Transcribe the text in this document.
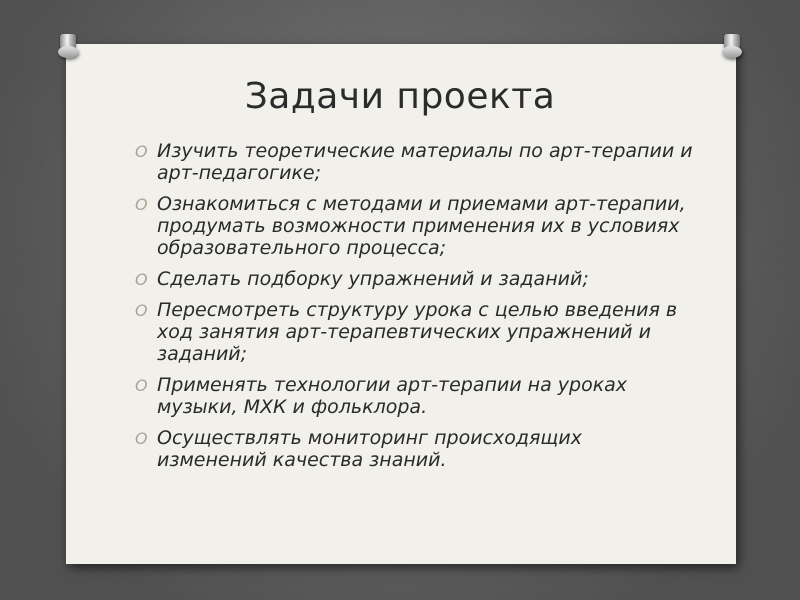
Задачи проекта
O Изучить теоретические материалы по арт-терапии и арт-педагогике;
O Ознакомиться с методами и приемами арт-терапии, продумать возможности применения их в условиях образовательного процесса;
O Сделать подборку упражнений и заданий;
O Пересмотреть структуру урока с целью введения в ход занятия арт-терапевтических упражнений и заданий;
O Применять технологии арт-терапии на уроках музыки, МХК и фольклора.
O Осуществлять мониторинг происходящих изменений качества знаний.
